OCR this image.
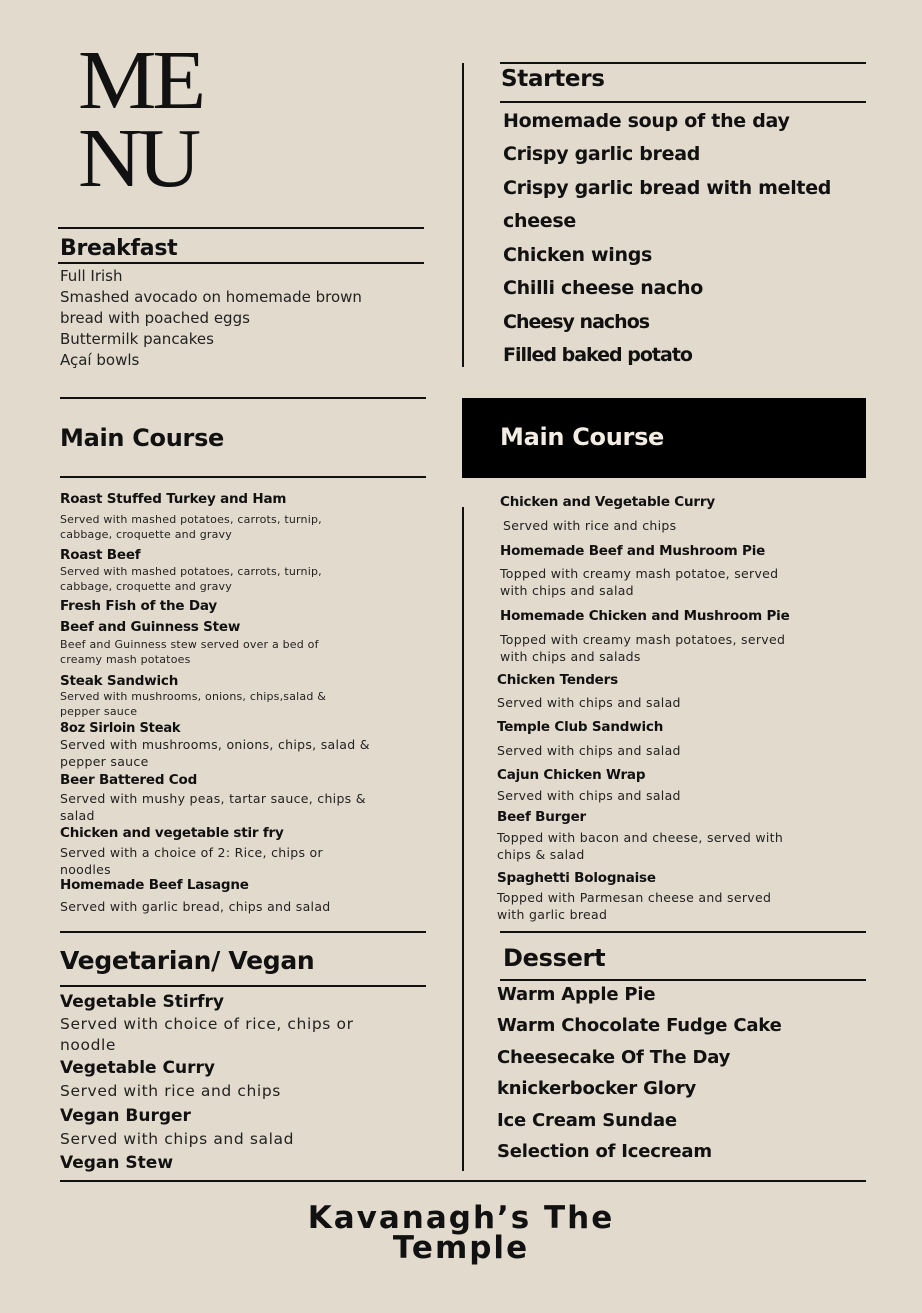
ME
NU
Breakfast
Full Irish
Smashed avocado on homemade brown bread with poached eggs
Buttermilk pancakes
Açaí bowls
Starters
Homemade soup of the day
Crispy garlic bread
Crispy garlic bread with melted
cheese
Chicken wings
Chilli cheese nacho
Cheesy nachos
Filled baked potato
Main Course
Roast Stuffed Turkey and Ham
Served with mashed potatoes, carrots, turnip, cabbage, croquette and gravy
Roast Beef
Served with mashed potatoes, carrots, turnip, cabbage, croquette and gravy
Fresh Fish of the Day
Beef and Guinness Stew
Beef and Guinness stew served over a bed of creamy mash potatoes
Steak Sandwich
Served with mushrooms, onions, chips,salad & pepper sauce
8oz Sirloin Steak
Served with mushrooms, onions, chips, salad & pepper sauce
Beer Battered Cod
Served with mushy peas, tartar sauce, chips & salad
Chicken and vegetable stir fry
Served with a choice of 2: Rice, chips or noodles
Homemade Beef Lasagne
Served with garlic bread, chips and salad
Main Course
Chicken and Vegetable Curry
Served with rice and chips
Homemade Beef and Mushroom Pie
Topped with creamy mash potatoe, served with chips and salad
Homemade Chicken and Mushroom Pie
Topped with creamy mash potatoes, served with chips and salads
Chicken Tenders
Served with chips and salad
Temple Club Sandwich
Served with chips and salad
Cajun Chicken Wrap
Served with chips and salad
Beef Burger
Topped with bacon and cheese, served with chips & salad
Spaghetti Bolognaise
Topped with Parmesan cheese and served with garlic bread
Vegetarian/ Vegan
Vegetable Stirfry
Served with choice of rice, chips or noodle
Vegetable Curry
Served with rice and chips
Vegan Burger
Served with chips and salad
Vegan Stew
Dessert
Warm Apple Pie
Warm Chocolate Fudge Cake
Cheesecake Of The Day
knickerbocker Glory
Ice Cream Sundae
Selection of Icecream
Kavanagh’s The
Temple
